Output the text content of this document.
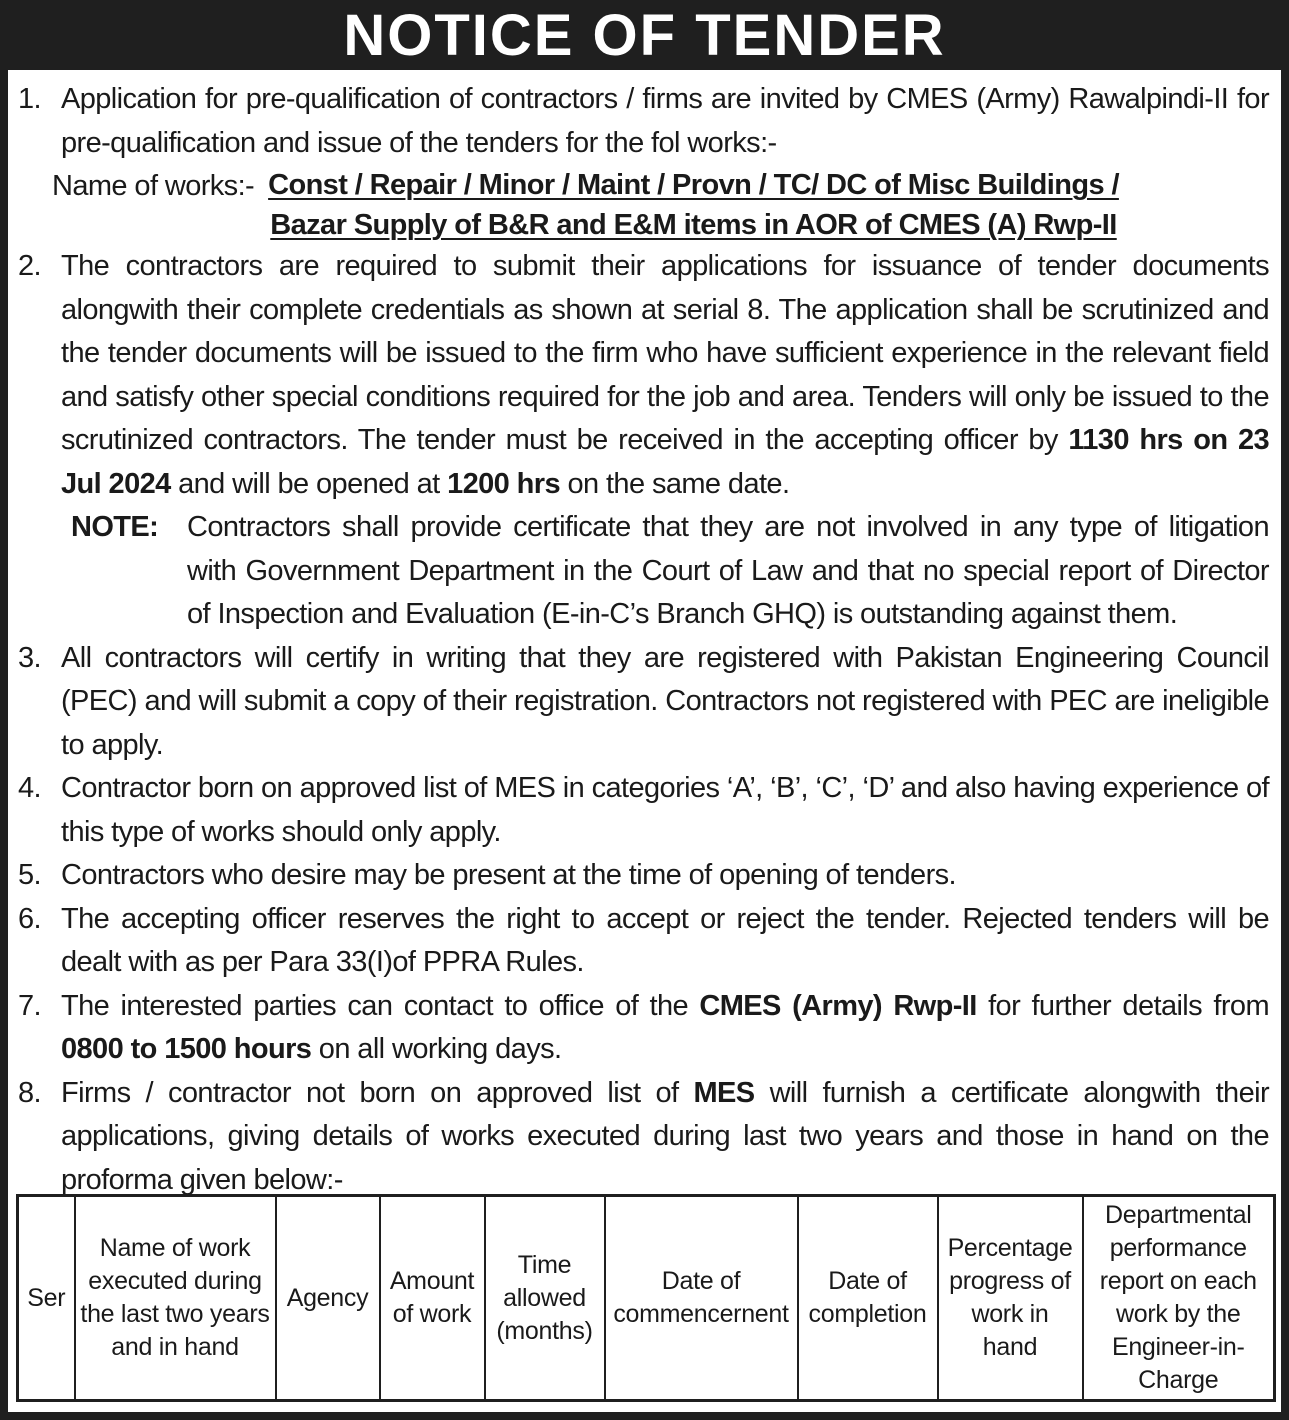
NOTICE OF TENDER
1. Application for pre-qualification of contractors / firms are invited by CMES (Army) Rawalpindi-II for pre-qualification and issue of the tenders for the fol works:-
Name of works:- Const / Repair / Minor / Maint / Provn / TC/ DC of Misc Buildings /
Bazar Supply of B&R and E&M items in AOR of CMES (A) Rwp-II
2. The contractors are required to submit their applications for issuance of tender documents alongwith their complete credentials as shown at serial 8. The application shall be scrutinized and the tender documents will be issued to the firm who have sufficient experience in the relevant field and satisfy other special conditions required for the job and area. Tenders will only be issued to the scrutinized contractors. The tender must be received in the accepting officer by 1130 hrs on 23 Jul 2024 and will be opened at 1200 hrs on the same date.
NOTE: Contractors shall provide certificate that they are not involved in any type of litigation with Government Department in the Court of Law and that no special report of Director of Inspection and Evaluation (E-in-C’s Branch GHQ) is outstanding against them.
3. All contractors will certify in writing that they are registered with Pakistan Engineering Council (PEC) and will submit a copy of their registration. Contractors not registered with PEC are ineligible to apply.
4. Contractor born on approved list of MES in categories ‘A’, ‘B’, ‘C’, ‘D’ and also having experience of this type of works should only apply.
5. Contractors who desire may be present at the time of opening of tenders.
6. The accepting officer reserves the right to accept or reject the tender. Rejected tenders will be dealt with as per Para 33(I)of PPRA Rules.
7. The interested parties can contact to office of the CMES (Army) Rwp-II for further details from 0800 to 1500 hours on all working days.
8. Firms / contractor not born on approved list of MES will furnish a certificate alongwith their applications, giving details of works executed during last two years and those in hand on the proforma given below:-
Ser	Name of work executed during the last two years and in hand	Agency	Amount of work	Time allowed (months)	Date of commencernent	Date of completion	Percentage progress of work in hand	Departmental performance report on each work by the Engineer-in-Charge
